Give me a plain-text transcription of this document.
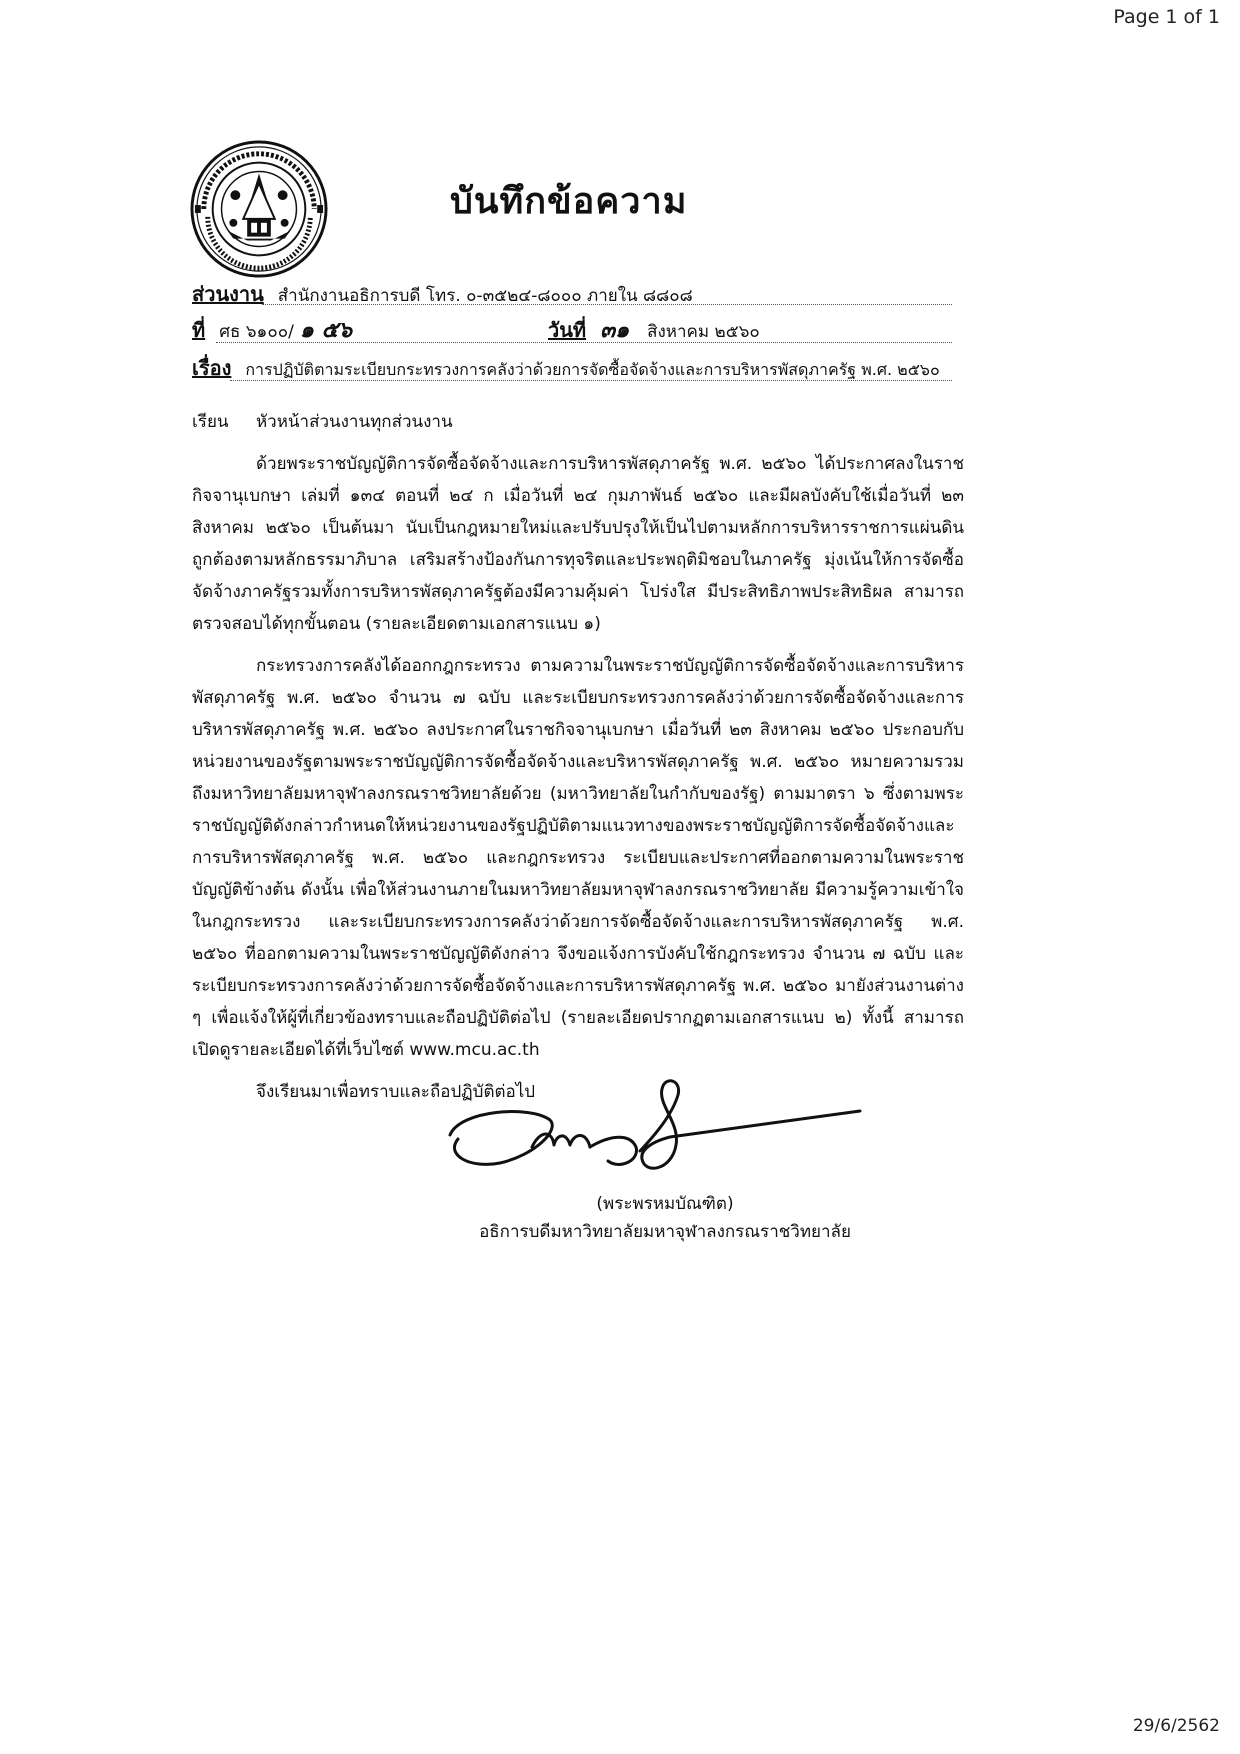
Page 1 of 1
บันทึกข้อความ
ส่วนงาน สำนักงานอธิการบดี โทร. ๐-๓๕๒๔-๘๐๐๐ ภายใน ๘๘๐๘
ที่ ศธ ๖๑๐๐/ ๑ ๕๖	วันที่ ๓๑ สิงหาคม ๒๕๖๐
เรื่อง การปฏิบัติตามระเบียบกระทรวงการคลังว่าด้วยการจัดซื้อจัดจ้างและการบริหารพัสดุภาครัฐ พ.ศ. ๒๕๖๐
เรียน หัวหน้าส่วนงานทุกส่วนงาน

ด้วยพระราชบัญญัติการจัดซื้อจัดจ้างและการบริหารพัสดุภาครัฐ พ.ศ. ๒๕๖๐ ได้ประกาศลงในราชกิจจานุเบกษา เล่มที่ ๑๓๔ ตอนที่ ๒๔ ก เมื่อวันที่ ๒๔ กุมภาพันธ์ ๒๕๖๐ และมีผลบังคับใช้เมื่อวันที่ ๒๓ สิงหาคม ๒๕๖๐ เป็นต้นมา นับเป็นกฎหมายใหม่และปรับปรุงให้เป็นไปตามหลักการบริหารราชการแผ่นดินถูกต้องตามหลักธรรมาภิบาล เสริมสร้างป้องกันการทุจริตและประพฤติมิชอบในภาครัฐ มุ่งเน้นให้การจัดซื้อจัดจ้างภาครัฐรวมทั้งการบริหารพัสดุภาครัฐต้องมีความคุ้มค่า โปร่งใส มีประสิทธิภาพประสิทธิผล สามารถตรวจสอบได้ทุกขั้นตอน (รายละเอียดตามเอกสารแนบ ๑)

กระทรวงการคลังได้ออกกฎกระทรวง ตามความในพระราชบัญญัติการจัดซื้อจัดจ้างและการบริหารพัสดุภาครัฐ พ.ศ. ๒๕๖๐ จำนวน ๗ ฉบับ และระเบียบกระทรวงการคลังว่าด้วยการจัดซื้อจัดจ้างและการบริหารพัสดุภาครัฐ พ.ศ. ๒๕๖๐ ลงประกาศในราชกิจจานุเบกษา เมื่อวันที่ ๒๓ สิงหาคม ๒๕๖๐ ประกอบกับหน่วยงานของรัฐตามพระราชบัญญัติการจัดซื้อจัดจ้างและบริหารพัสดุภาครัฐ พ.ศ. ๒๕๖๐ หมายความรวมถึงมหาวิทยาลัยมหาจุฬาลงกรณราชวิทยาลัยด้วย (มหาวิทยาลัยในกำกับของรัฐ) ตามมาตรา ๖ ซึ่งตามพระราชบัญญัติดังกล่าวกำหนดให้หน่วยงานของรัฐปฏิบัติตามแนวทางของพระราชบัญญัติการจัดซื้อจัดจ้างและการบริหารพัสดุภาครัฐ พ.ศ. ๒๕๖๐ และกฎกระทรวง ระเบียบและประกาศที่ออกตามความในพระราชบัญญัติข้างต้น ดังนั้น เพื่อให้ส่วนงานภายในมหาวิทยาลัยมหาจุฬาลงกรณราชวิทยาลัย มีความรู้ความเข้าใจในกฎกระทรวง และระเบียบกระทรวงการคลังว่าด้วยการจัดซื้อจัดจ้างและการบริหารพัสดุภาครัฐ พ.ศ. ๒๕๖๐ ที่ออกตามความในพระราชบัญญัติดังกล่าว จึงขอแจ้งการบังคับใช้กฎกระทรวง จำนวน ๗ ฉบับ และระเบียบกระทรวงการคลังว่าด้วยการจัดซื้อจัดจ้างและการบริหารพัสดุภาครัฐ พ.ศ. ๒๕๖๐ มายังส่วนงานต่าง ๆ เพื่อแจ้งให้ผู้ที่เกี่ยวข้องทราบและถือปฏิบัติต่อไป (รายละเอียดปรากฏตามเอกสารแนบ ๒) ทั้งนี้ สามารถเปิดดูรายละเอียดได้ที่เว็บไซต์ www.mcu.ac.th

จึงเรียนมาเพื่อทราบและถือปฏิบัติต่อไป
(พระพรหมบัณฑิต)
อธิการบดีมหาวิทยาลัยมหาจุฬาลงกรณราชวิทยาลัย
29/6/2562
